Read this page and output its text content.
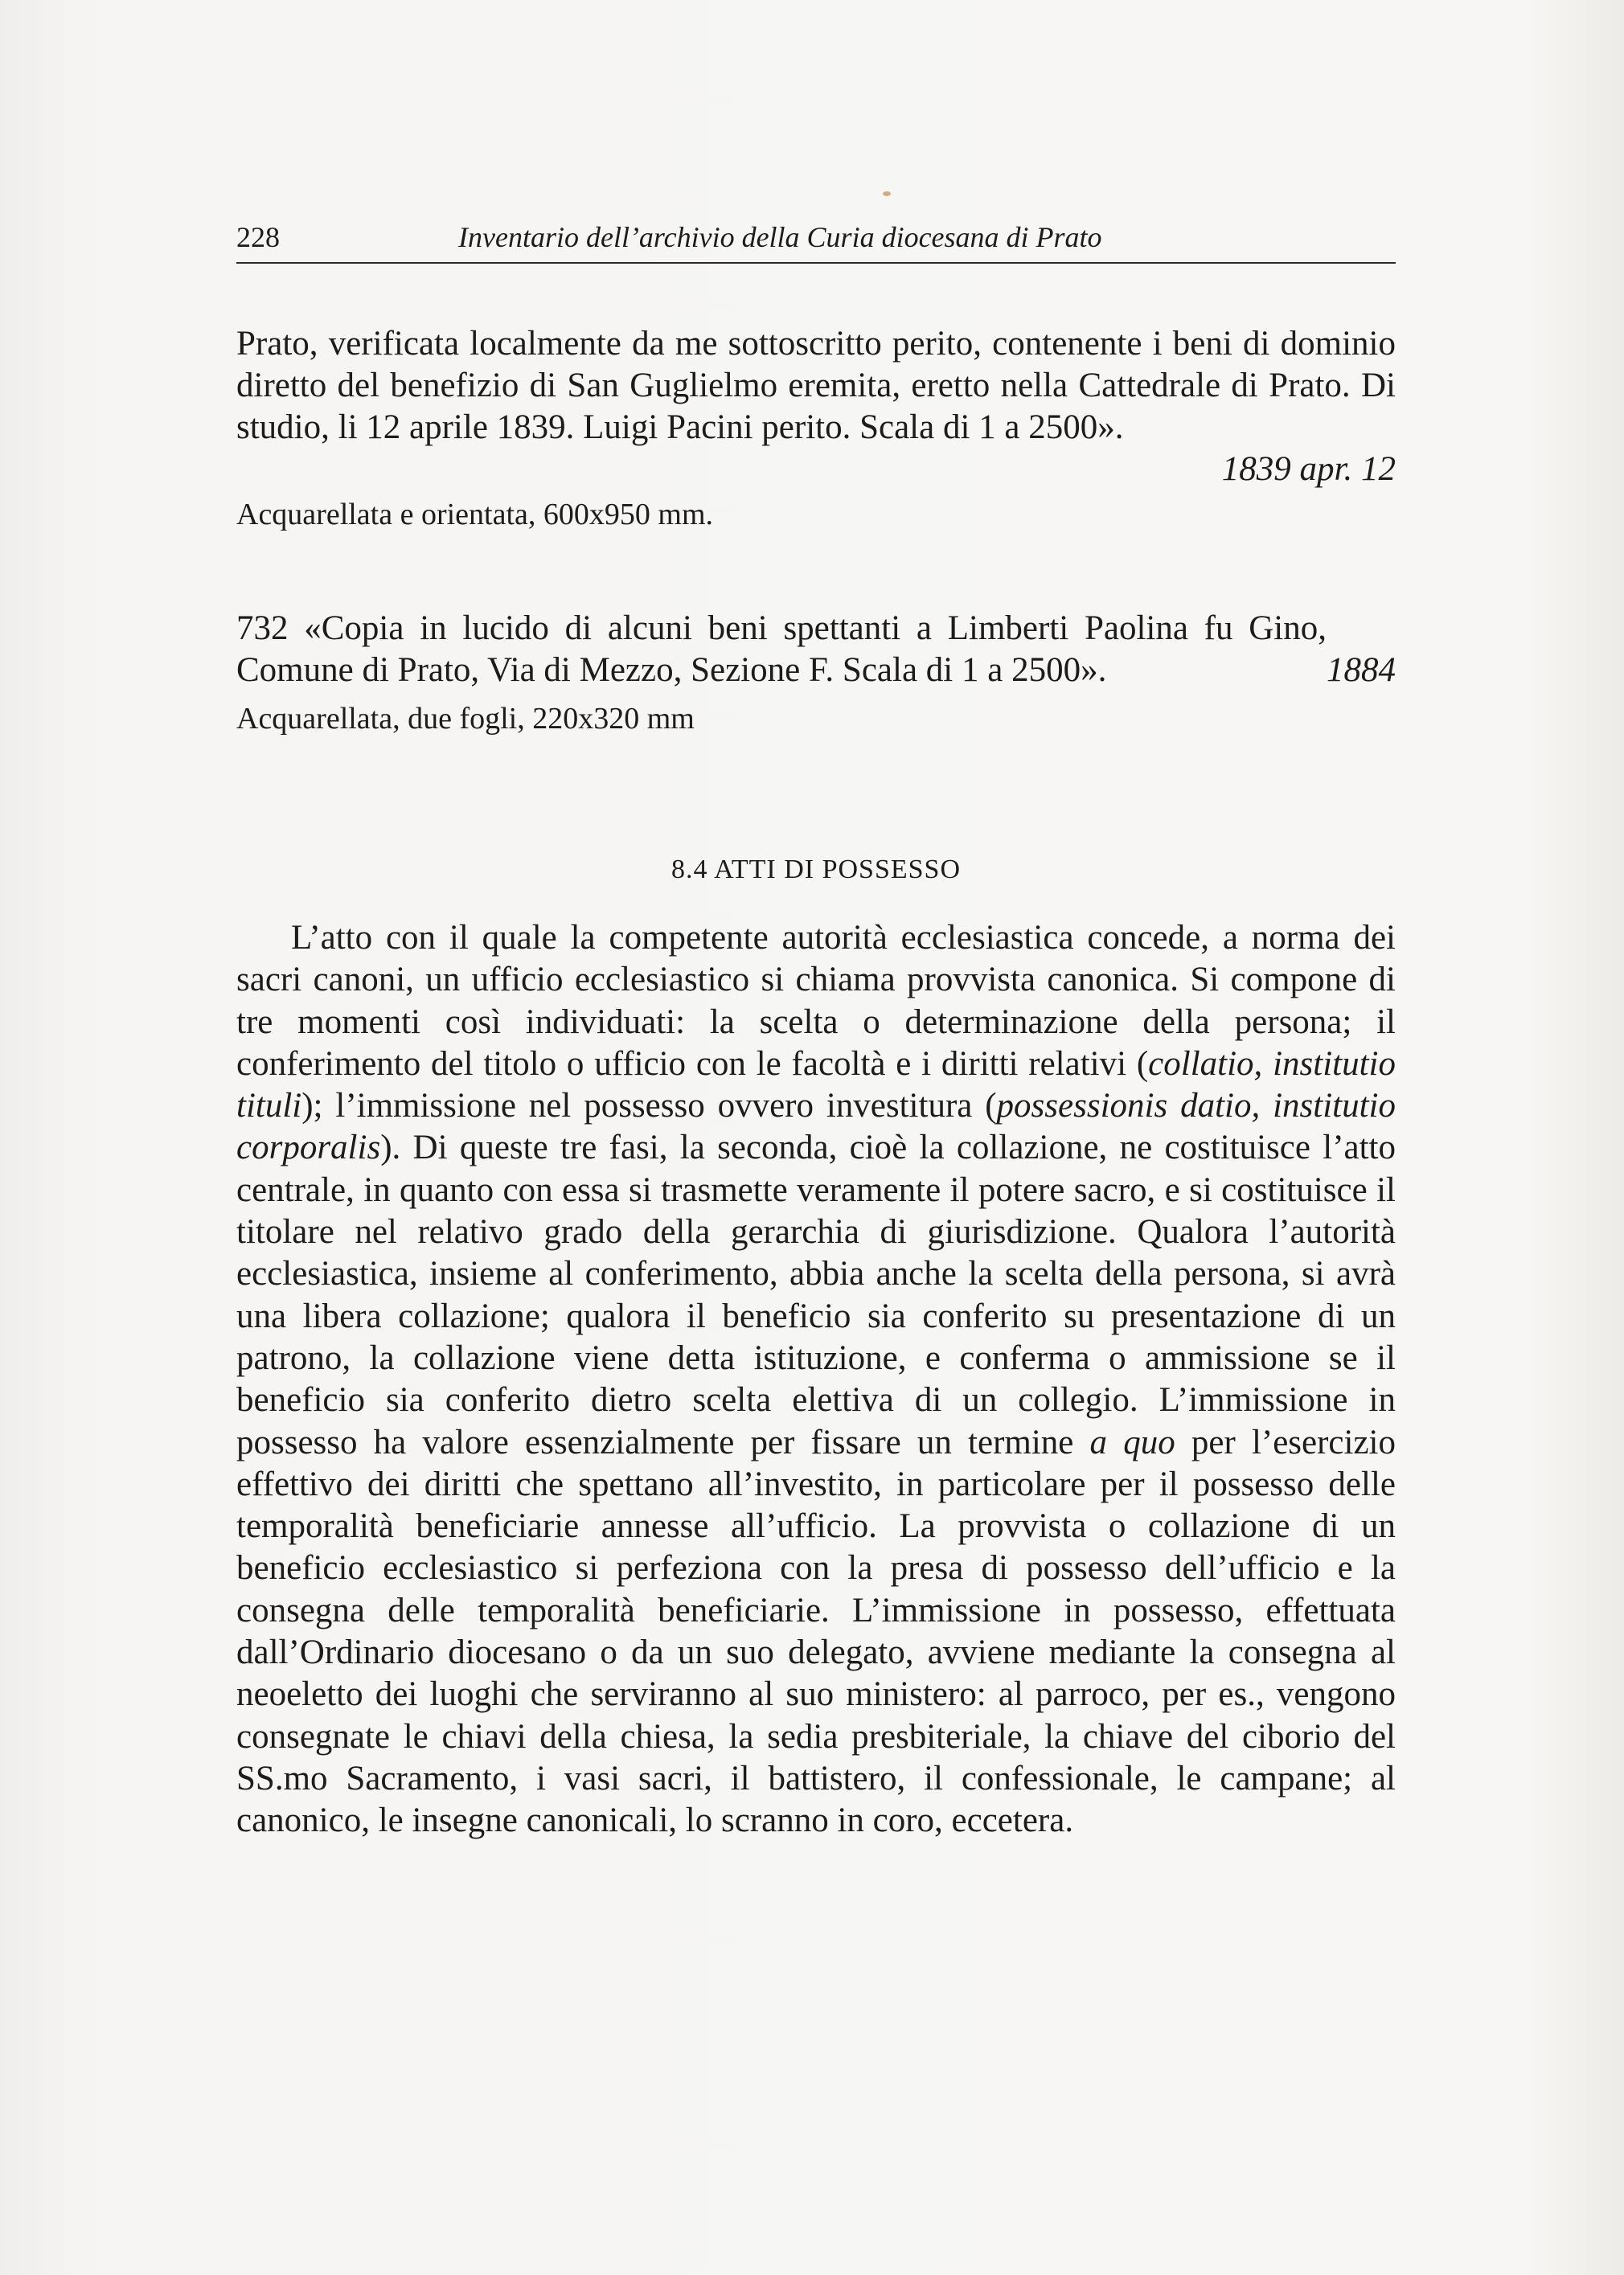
228	Inventario dell’archivio della Curia diocesana di Prato

Prato, verificata localmente da me sottoscritto perito, contenente i beni di dominio diretto del benefizio di San Guglielmo eremita, eretto nella Cattedrale di Prato. Di studio, li 12 aprile 1839. Luigi Pacini perito. Scala di 1 a 2500».

1839 apr. 12

Acquarellata e orientata, 600x950 mm.

1884
732 «Copia in lucido di alcuni beni spettanti a Limberti Paolina fu Gino, Comune di Prato, Via di Mezzo, Sezione F. Scala di 1 a 2500».

Acquarellata, due fogli, 220x320 mm

8.4 ATTI DI POSSESSO
L’atto con il quale la competente autorità ecclesiastica concede, a norma dei sacri canoni, un ufficio ecclesiastico si chiama provvista canonica. Si compone di tre momenti così individuati: la scelta o determinazione della persona; il conferimento del titolo o ufficio con le facoltà e i diritti relativi (collatio, institutio tituli); l’immissione nel possesso ovvero investitura (possessionis datio, institutio corporalis). Di queste tre fasi, la seconda, cioè la collazione, ne costituisce l’atto centrale, in quanto con essa si trasmette veramente il potere sacro, e si costituisce il titolare nel relativo grado della gerarchia di giurisdizione. Qualora l’autorità ecclesiastica, insieme al conferimento, abbia anche la scelta della persona, si avrà una libera collazione; qualora il beneficio sia conferito su presentazione di un patrono, la collazione viene detta istituzione, e conferma o ammissione se il beneficio sia conferito dietro scelta elettiva di un collegio. L’immissione in possesso ha valore essenzialmente per fissare un termine a quo per l’esercizio effettivo dei diritti che spettano all’investito, in particolare per il possesso delle temporalità beneficiarie annesse all’ufficio. La provvista o collazione di un beneficio ecclesiastico si perfeziona con la presa di possesso dell’ufficio e la consegna delle temporalità beneficiarie. L’immissione in possesso, effettuata dall’Ordinario diocesano o da un suo delegato, avviene mediante la consegna al neoeletto dei luoghi che serviranno al suo ministero: al parroco, per es., vengono consegnate le chiavi della chiesa, la sedia presbiteriale, la chiave del ciborio del SS.mo Sacramento, i vasi sacri, il battistero, il confessionale, le campane; al canonico, le insegne canonicali, lo scranno in coro, eccetera.
